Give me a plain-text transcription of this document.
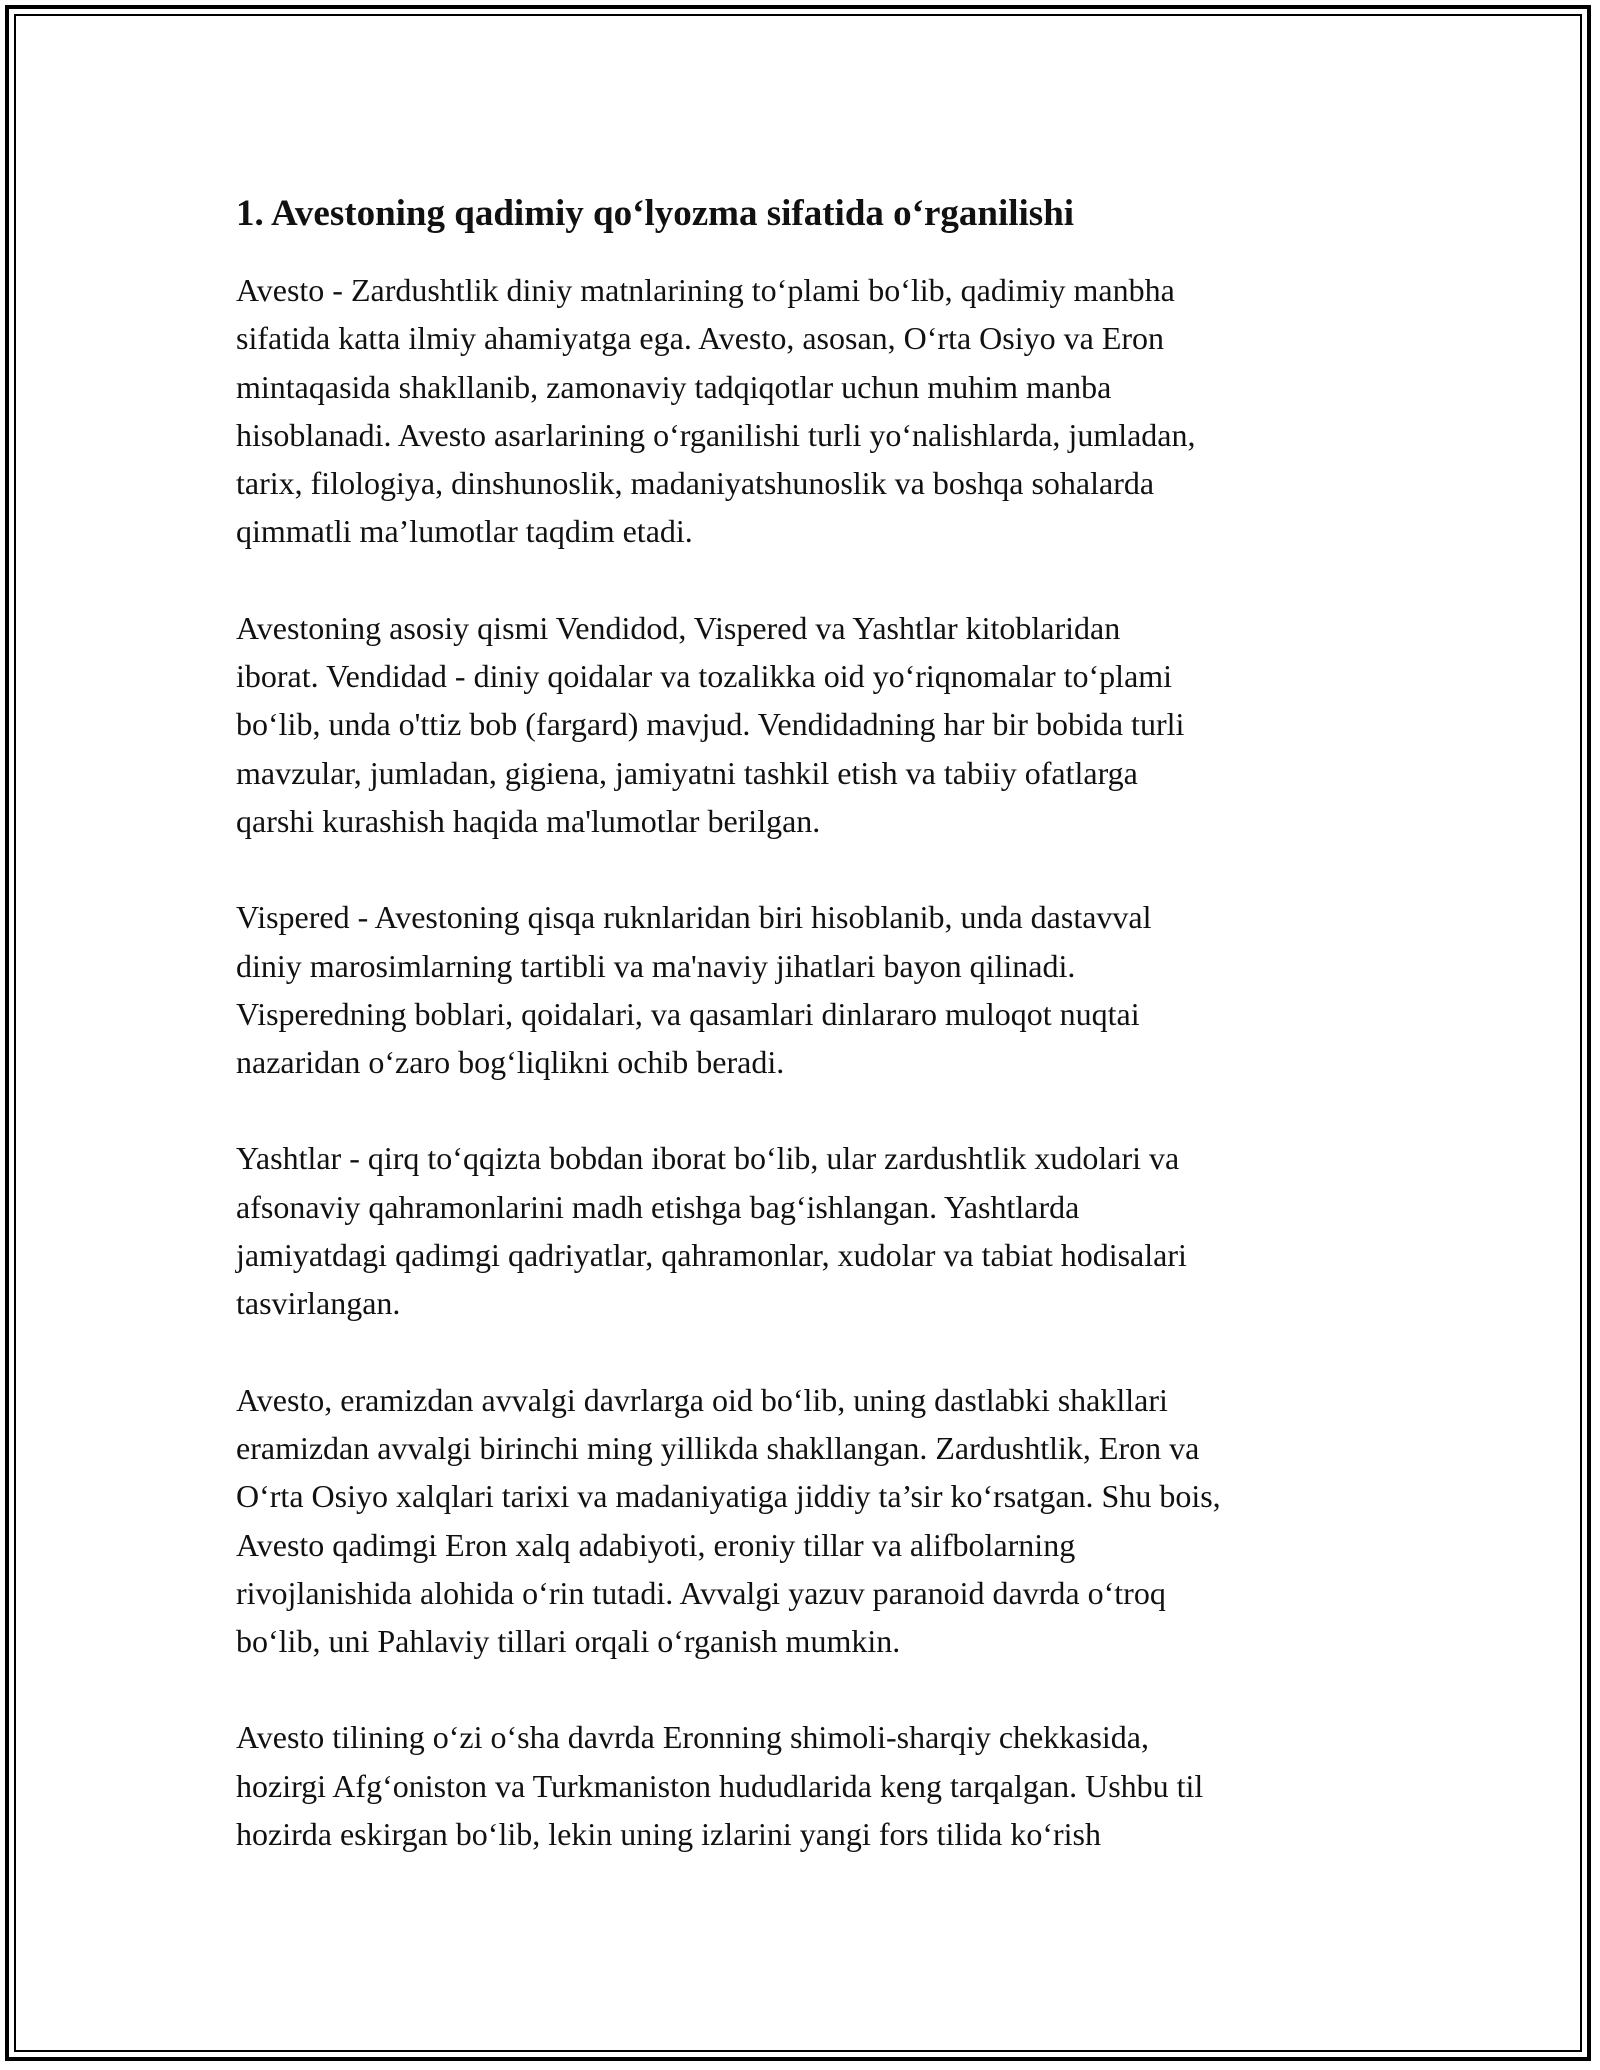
1. Avestoning qadimiy qo‘lyozma sifatida o‘rganilishi

Avesto - Zardushtlik diniy matnlarining to‘plami bo‘lib, qadimiy manbha
sifatida katta ilmiy ahamiyatga ega. Avesto, asosan, O‘rta Osiyo va Eron
mintaqasida shakllanib, zamonaviy tadqiqotlar uchun muhim manba
hisoblanadi. Avesto asarlarining o‘rganilishi turli yo‘nalishlarda, jumladan,
tarix, filologiya, dinshunoslik, madaniyatshunoslik va boshqa sohalarda
qimmatli ma’lumotlar taqdim etadi.

Avestoning asosiy qismi Vendidod, Vispered va Yashtlar kitoblaridan
iborat. Vendidad - diniy qoidalar va tozalikka oid yo‘riqnomalar to‘plami
bo‘lib, unda o'ttiz bob (fargard) mavjud. Vendidadning har bir bobida turli
mavzular, jumladan, gigiena, jamiyatni tashkil etish va tabiiy ofatlarga
qarshi kurashish haqida ma'lumotlar berilgan.

Vispered - Avestoning qisqa ruknlaridan biri hisoblanib, unda dastavval
diniy marosimlarning tartibli va ma'naviy jihatlari bayon qilinadi.
Visperedning boblari, qoidalari, va qasamlari dinlararo muloqot nuqtai
nazaridan o‘zaro bog‘liqlikni ochib beradi.

Yashtlar - qirq to‘qqizta bobdan iborat bo‘lib, ular zardushtlik xudolari va
afsonaviy qahramonlarini madh etishga bag‘ishlangan. Yashtlarda
jamiyatdagi qadimgi qadriyatlar, qahramonlar, xudolar va tabiat hodisalari
tasvirlangan.

Avesto, eramizdan avvalgi davrlarga oid bo‘lib, uning dastlabki shakllari
eramizdan avvalgi birinchi ming yillikda shakllangan. Zardushtlik, Eron va
O‘rta Osiyo xalqlari tarixi va madaniyatiga jiddiy ta’sir ko‘rsatgan. Shu bois,
Avesto qadimgi Eron xalq adabiyoti, eroniy tillar va alifbolarning
rivojlanishida alohida o‘rin tutadi. Avvalgi yazuv paranoid davrda o‘troq
bo‘lib, uni Pahlaviy tillari orqali o‘rganish mumkin.

Avesto tilining o‘zi o‘sha davrda Eronning shimoli-sharqiy chekkasida,
hozirgi Afg‘oniston va Turkmaniston hududlarida keng tarqalgan. Ushbu til
hozirda eskirgan bo‘lib, lekin uning izlarini yangi fors tilida ko‘rish
